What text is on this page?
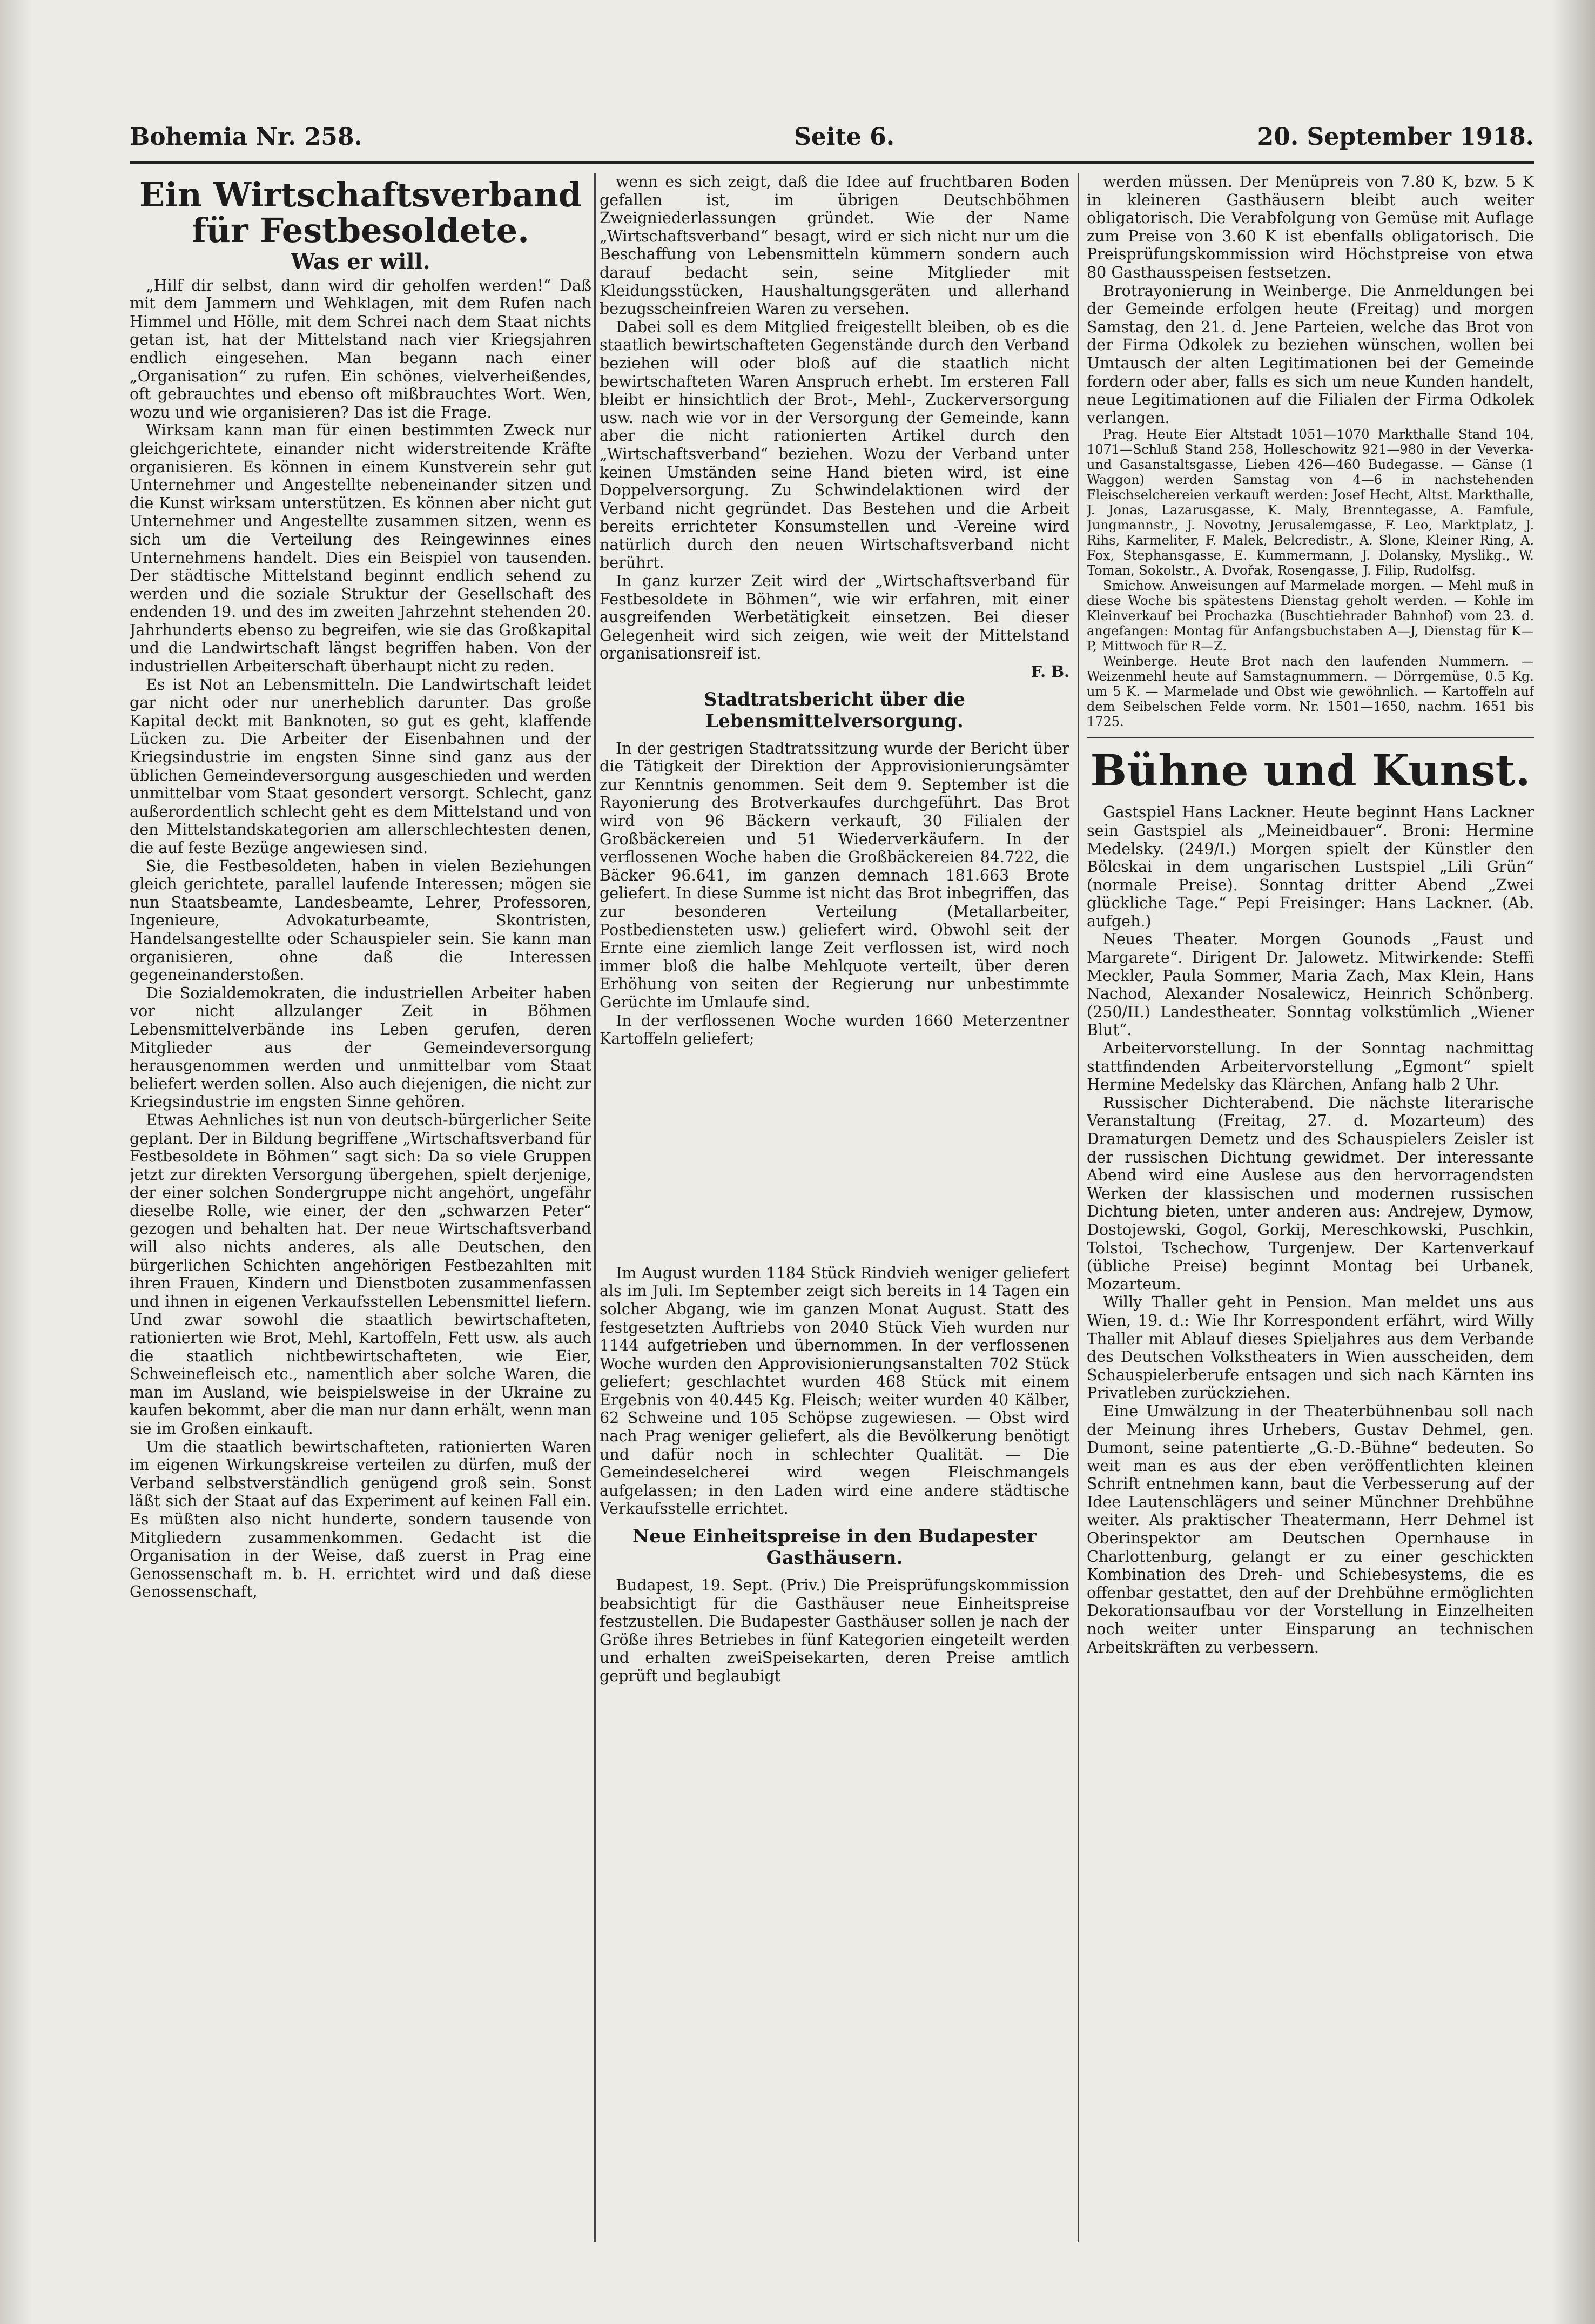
Bohemia Nr. 258.	Seite 6.	20. September 1918.
Ein Wirtschaftsverband für Festbesoldete.
Was er will.

„Hilf dir selbst, dann wird dir geholfen werden!“ Daß mit dem Jammern und Wehklagen, mit dem Rufen nach Himmel und Hölle, mit dem Schrei nach dem Staat nichts getan ist, hat der Mittelstand nach vier Kriegsjahren endlich eingesehen. Man begann nach einer „Organisation“ zu rufen. Ein schönes, vielverheißendes, oft gebrauchtes und ebenso oft mißbrauchtes Wort. Wen, wozu und wie organisieren? Das ist die Frage.

Wirksam kann man für einen bestimmten Zweck nur gleichgerichtete, einander nicht widerstreitende Kräfte organisieren. Es können in einem Kunstverein sehr gut Unternehmer und Angestellte nebeneinander sitzen und die Kunst wirksam unterstützen. Es können aber nicht gut Unternehmer und Angestellte zusammen sitzen, wenn es sich um die Verteilung des Reingewinnes eines Unternehmens handelt. Dies ein Beispiel von tausenden. Der städtische Mittelstand beginnt endlich sehend zu werden und die soziale Struktur der Gesellschaft des endenden 19. und des im zweiten Jahrzehnt stehenden 20. Jahrhunderts ebenso zu begreifen, wie sie das Großkapital und die Landwirtschaft längst begriffen haben. Von der industriellen Arbeiterschaft überhaupt nicht zu reden.

Es ist Not an Lebensmitteln. Die Landwirtschaft leidet gar nicht oder nur unerheblich darunter. Das große Kapital deckt mit Banknoten, so gut es geht, klaffende Lücken zu. Die Arbeiter der Eisenbahnen und der Kriegsindustrie im engsten Sinne sind ganz aus der üblichen Gemeindeversorgung ausgeschieden und werden unmittelbar vom Staat gesondert versorgt. Schlecht, ganz außerordentlich schlecht geht es dem Mittelstand und von den Mittelstandskategorien am allerschlechtesten denen, die auf feste Bezüge angewiesen sind.

Sie, die Festbesoldeten, haben in vielen Beziehungen gleich gerichtete, parallel laufende Interessen; mögen sie nun Staatsbeamte, Landesbeamte, Lehrer, Professoren, Ingenieure, Advokaturbeamte, Skontristen, Handelsangestellte oder Schauspieler sein. Sie kann man organisieren, ohne daß die Interessen gegeneinanderstoßen.

Die Sozialdemokraten, die industriellen Arbeiter haben vor nicht allzulanger Zeit in Böhmen Lebensmittelverbände ins Leben gerufen, deren Mitglieder aus der Gemeindeversorgung herausgenommen werden und unmittelbar vom Staat beliefert werden sollen. Also auch diejenigen, die nicht zur Kriegsindustrie im engsten Sinne gehören.

Etwas Aehnliches ist nun von deutsch-bürgerlicher Seite geplant. Der in Bildung begriffene „Wirtschaftsverband für Festbesoldete in Böhmen“ sagt sich: Da so viele Gruppen jetzt zur direkten Versorgung übergehen, spielt derjenige, der einer solchen Sondergruppe nicht angehört, ungefähr dieselbe Rolle, wie einer, der den „schwarzen Peter“ gezogen und behalten hat. Der neue Wirtschaftsverband will also nichts anderes, als alle Deutschen, den bürgerlichen Schichten angehörigen Festbezahlten mit ihren Frauen, Kindern und Dienstboten zusammenfassen und ihnen in eigenen Verkaufsstellen Lebensmittel liefern. Und zwar sowohl die staatlich bewirtschafteten, rationierten wie Brot, Mehl, Kartoffeln, Fett usw. als auch die staatlich nichtbewirtschafteten, wie Eier, Schweinefleisch etc., namentlich aber solche Waren, die man im Ausland, wie beispielsweise in der Ukraine zu kaufen bekommt, aber die man nur dann erhält, wenn man sie im Großen einkauft.

Um die staatlich bewirtschafteten, rationierten Waren im eigenen Wirkungskreise verteilen zu dürfen, muß der Verband selbstverständlich genügend groß sein. Sonst läßt sich der Staat auf das Experiment auf keinen Fall ein. Es müßten also nicht hunderte, sondern tausende von Mitgliedern zusammenkommen. Gedacht ist die Organisation in der Weise, daß zuerst in Prag eine Genossenschaft m. b. H. errichtet wird und daß diese Genossenschaft,

wenn es sich zeigt, daß die Idee auf fruchtbaren Boden gefallen ist, im übrigen Deutschböhmen Zweigniederlassungen gründet. Wie der Name „Wirtschaftsverband“ besagt, wird er sich nicht nur um die Beschaffung von Lebensmitteln kümmern sondern auch darauf bedacht sein, seine Mitglieder mit Kleidungsstücken, Haushaltungsgeräten und allerhand bezugsscheinfreien Waren zu versehen.

Dabei soll es dem Mitglied freigestellt bleiben, ob es die staatlich bewirtschafteten Gegenstände durch den Verband beziehen will oder bloß auf die staatlich nicht bewirtschafteten Waren Anspruch erhebt. Im ersteren Fall bleibt er hinsichtlich der Brot-, Mehl-, Zuckerversorgung usw. nach wie vor in der Versorgung der Gemeinde, kann aber die nicht rationierten Artikel durch den „Wirtschaftsverband“ beziehen. Wozu der Verband unter keinen Umständen seine Hand bieten wird, ist eine Doppelversorgung. Zu Schwindelaktionen wird der Verband nicht gegründet. Das Bestehen und die Arbeit bereits errichteter Konsumstellen und -Vereine wird natürlich durch den neuen Wirtschaftsverband nicht berührt.

In ganz kurzer Zeit wird der „Wirtschaftsverband für Festbesoldete in Böhmen“, wie wir erfahren, mit einer ausgreifenden Werbetätigkeit einsetzen. Bei dieser Gelegenheit wird sich zeigen, wie weit der Mittelstand organisationsreif ist.

F. B.

Stadtratsbericht über die Lebensmittelversorgung.

In der gestrigen Stadtratssitzung wurde der Bericht über die Tätigkeit der Direktion der Approvisionierungsämter zur Kenntnis genommen. Seit dem 9. September ist die Rayonierung des Brotverkaufes durchgeführt. Das Brot wird von 96 Bäckern verkauft, 30 Filialen der Großbäckereien und 51 Wiederverkäufern. In der verflossenen Woche haben die Großbäckereien 84.722, die Bäcker 96.641, im ganzen demnach 181.663 Brote geliefert. In diese Summe ist nicht das Brot inbegriffen, das zur besonderen Verteilung (Metallarbeiter, Postbediensteten usw.) geliefert wird. Obwohl seit der Ernte eine ziemlich lange Zeit verflossen ist, wird noch immer bloß die halbe Mehlquote verteilt, über deren Erhöhung von seiten der Regierung nur unbestimmte Gerüchte im Umlaufe sind.

In der verflossenen Woche wurden 1660 Meterzentner Kartoffeln geliefert;

Im August wurden 1184 Stück Rindvieh weniger geliefert als im Juli. Im September zeigt sich bereits in 14 Tagen ein solcher Abgang, wie im ganzen Monat August. Statt des festgesetzten Auftriebs von 2040 Stück Vieh wurden nur 1144 aufgetrieben und übernommen. In der verflossenen Woche wurden den Approvisionierungsanstalten 702 Stück geliefert; geschlachtet wurden 468 Stück mit einem Ergebnis von 40.445 Kg. Fleisch; weiter wurden 40 Kälber, 62 Schweine und 105 Schöpse zugewiesen. — Obst wird nach Prag weniger geliefert, als die Bevölkerung benötigt und dafür noch in schlechter Qualität. — Die Gemeindeselcherei wird wegen Fleischmangels aufgelassen; in den Laden wird eine andere städtische Verkaufsstelle errichtet.

Neue Einheitspreise in den Budapester Gasthäusern.

Budapest, 19. Sept. (Priv.) Die Preisprüfungskommission beabsichtigt für die Gasthäuser neue Einheitspreise festzustellen. Die Budapester Gasthäuser sollen je nach der Größe ihres Betriebes in fünf Kategorien eingeteilt werden und erhalten zweiSpeisekarten, deren Preise amtlich geprüft und beglaubigt

werden müssen. Der Menüpreis von 7.80 K, bzw. 5 K in kleineren Gasthäusern bleibt auch weiter obligatorisch. Die Verabfolgung von Gemüse mit Auflage zum Preise von 3.60 K ist ebenfalls obligatorisch. Die Preisprüfungskommission wird Höchstpreise von etwa 80 Gasthausspeisen festsetzen.

Brotrayonierung in Weinberge. Die Anmeldungen bei der Gemeinde erfolgen heute (Freitag) und morgen Samstag, den 21. d. Jene Parteien, welche das Brot von der Firma Odkolek zu beziehen wünschen, wollen bei Umtausch der alten Legitimationen bei der Gemeinde fordern oder aber, falls es sich um neue Kunden handelt, neue Legitimationen auf die Filialen der Firma Odkolek verlangen.

Prag. Heute Eier Altstadt 1051—1070 Markthalle Stand 104, 1071—Schluß Stand 258, Holleschowitz 921—980 in der Veverka- und Gasanstaltsgasse, Lieben 426—460 Budegasse. — Gänse (1 Waggon) werden Samstag von 4—6 in nachstehenden Fleischselchereien verkauft werden: Josef Hecht, Altst. Markthalle, J. Jonas, Lazarusgasse, K. Maly, Brenntegasse, A. Famfule, Jungmannstr., J. Novotny, Jerusalemgasse, F. Leo, Marktplatz, J. Rihs, Karmeliter, F. Malek, Belcredistr., A. Slone, Kleiner Ring, A. Fox, Stephansgasse, E. Kummermann, J. Dolansky, Myslikg., W. Toman, Sokolstr., A. Dvořak, Rosengasse, J. Filip, Rudolfsg.

Smichow. Anweisungen auf Marmelade morgen. — Mehl muß in diese Woche bis spätestens Dienstag geholt werden. — Kohle im Kleinverkauf bei Prochazka (Buschtiehrader Bahnhof) vom 23. d. angefangen: Montag für Anfangsbuchstaben A—J, Dienstag für K—P, Mittwoch für R—Z.

Weinberge. Heute Brot nach den laufenden Nummern. — Weizenmehl heute auf Samstagnummern. — Dörrgemüse, 0.5 Kg. um 5 K. — Marmelade und Obst wie gewöhnlich. — Kartoffeln auf dem Seibelschen Felde vorm. Nr. 1501—1650, nachm. 1651 bis 1725.

Bühne und Kunst.

Gastspiel Hans Lackner. Heute beginnt Hans Lackner sein Gastspiel als „Meineidbauer“. Broni: Hermine Medelsky. (249/I.) Morgen spielt der Künstler den Bölcskai in dem ungarischen Lustspiel „Lili Grün“ (normale Preise). Sonntag dritter Abend „Zwei glückliche Tage.“ Pepi Freisinger: Hans Lackner. (Ab. aufgeh.)

Neues Theater. Morgen Gounods „Faust und Margarete“. Dirigent Dr. Jalowetz. Mitwirkende: Steffi Meckler, Paula Sommer, Maria Zach, Max Klein, Hans Nachod, Alexander Nosalewicz, Heinrich Schönberg. (250/II.) Landestheater. Sonntag volkstümlich „Wiener Blut“.

Arbeitervorstellung. In der Sonntag nachmittag stattfindenden Arbeitervorstellung „Egmont“ spielt Hermine Medelsky das Klärchen, Anfang halb 2 Uhr.

Russischer Dichterabend. Die nächste literarische Veranstaltung (Freitag, 27. d. Mozarteum) des Dramaturgen Demetz und des Schauspielers Zeisler ist der russischen Dichtung gewidmet. Der interessante Abend wird eine Auslese aus den hervorragendsten Werken der klassischen und modernen russischen Dichtung bieten, unter anderen aus: Andrejew, Dymow, Dostojewski, Gogol, Gorkij, Mereschkowski, Puschkin, Tolstoi, Tschechow, Turgenjew. Der Kartenverkauf (übliche Preise) beginnt Montag bei Urbanek, Mozarteum.

Willy Thaller geht in Pension. Man meldet uns aus Wien, 19. d.: Wie Ihr Korrespondent erfährt, wird Willy Thaller mit Ablauf dieses Spieljahres aus dem Verbande des Deutschen Volkstheaters in Wien ausscheiden, dem Schauspielerberufe entsagen und sich nach Kärnten ins Privatleben zurückziehen.

Eine Umwälzung in der Theaterbühnenbau soll nach der Meinung ihres Urhebers, Gustav Dehmel, gen. Dumont, seine patentierte „G.-D.-Bühne“ bedeuten. So weit man es aus der eben veröffentlichten kleinen Schrift entnehmen kann, baut die Verbesserung auf der Idee Lautenschlägers und seiner Münchner Drehbühne weiter. Als praktischer Theatermann, Herr Dehmel ist Oberinspektor am Deutschen Opernhause in Charlottenburg, gelangt er zu einer geschickten Kombination des Dreh- und Schiebesystems, die es offenbar gestattet, den auf der Drehbühne ermöglichten Dekorationsaufbau vor der Vorstellung in Einzelheiten noch weiter unter Einsparung an technischen Arbeitskräften zu verbessern.
